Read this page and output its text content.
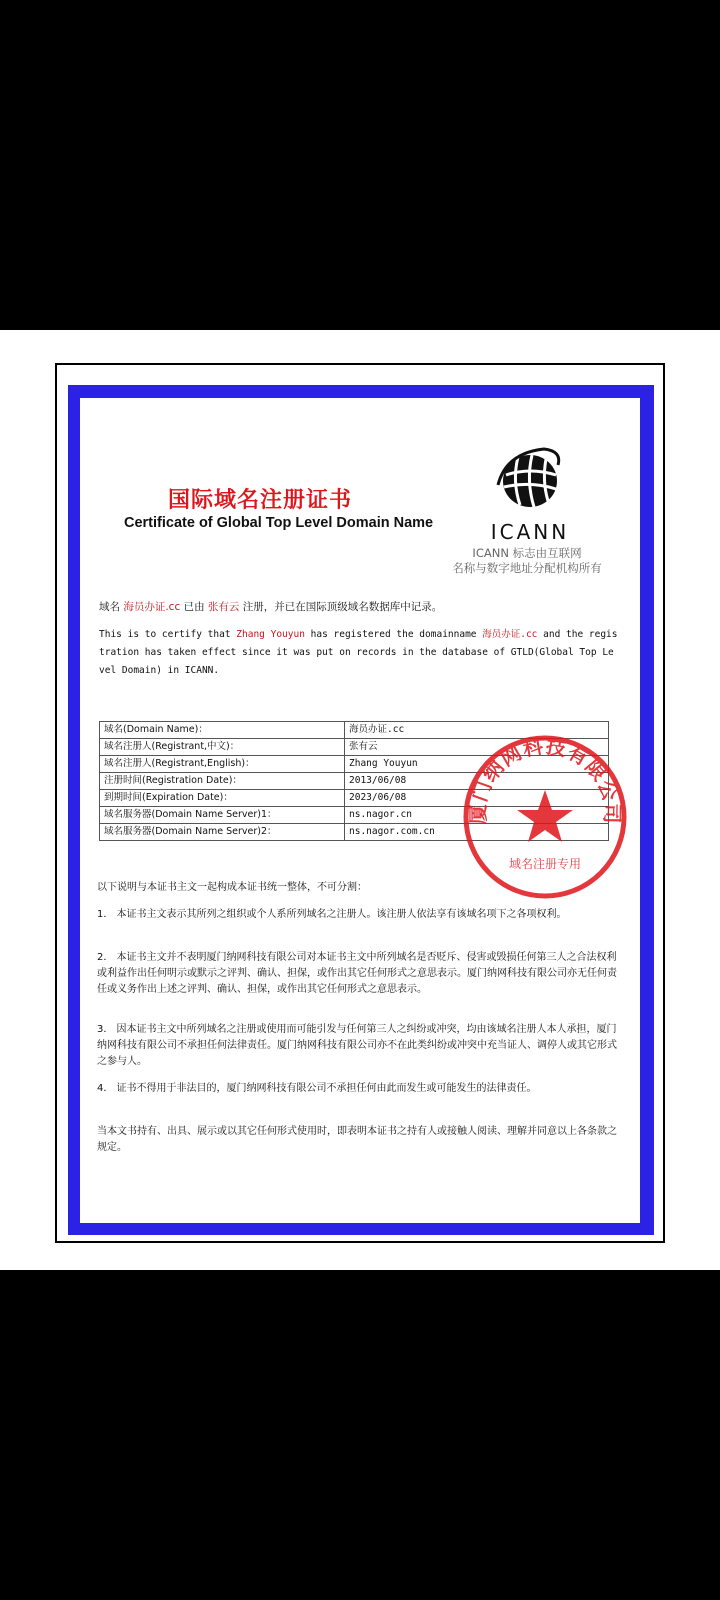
国际域名注册证书
Certificate of Global Top Level Domain Name	ICANN
ICANN 标志由互联网
名称与数字地址分配机构所有
域名 海员办证.cc 已由 张有云 注册，并已在国际顶级域名数据库中记录。
This is to certify that Zhang Youyun has registered the domainname 海员办证.cc and the registration has taken effect since it was put on records in the database of GTLD(Global Top Level Domain) in ICANN.
域名(Domain Name)：	海员办证.cc
域名注册人(Registrant,中文)：	张有云
域名注册人(Registrant,English)：	Zhang Youyun
注册时间(Registration Date)：	2013/06/08
到期时间(Expiration Date)：	2023/06/08
域名服务器(Domain Name Server)1：	ns.nagor.cn
域名服务器(Domain Name Server)2：	ns.nagor.com.cn
厦门纳网科技有限公司
域名注册专用
以下说明与本证书主文一起构成本证书统一整体，不可分割：
1． 本证书主文表示其所列之组织或个人系所列域名之注册人。该注册人依法享有该域名项下之各项权利。
2． 本证书主文并不表明厦门纳网科技有限公司对本证书主文中所列域名是否贬斥、侵害或毁损任何第三人之合法权利或利益作出任何明示或默示之评判、确认、担保，或作出其它任何形式之意思表示。厦门纳网科技有限公司亦无任何责任或义务作出上述之评判、确认、担保，或作出其它任何形式之意思表示。
3． 因本证书主文中所列域名之注册或使用而可能引发与任何第三人之纠纷或冲突，均由该域名注册人本人承担，厦门纳网科技有限公司不承担任何法律责任。厦门纳网科技有限公司亦不在此类纠纷或冲突中充当证人、调停人或其它形式之参与人。
4． 证书不得用于非法目的，厦门纳网科技有限公司不承担任何由此而发生或可能发生的法律责任。
当本文书持有、出具、展示或以其它任何形式使用时，即表明本证书之持有人或接触人阅读、理解并同意以上各条款之规定。
